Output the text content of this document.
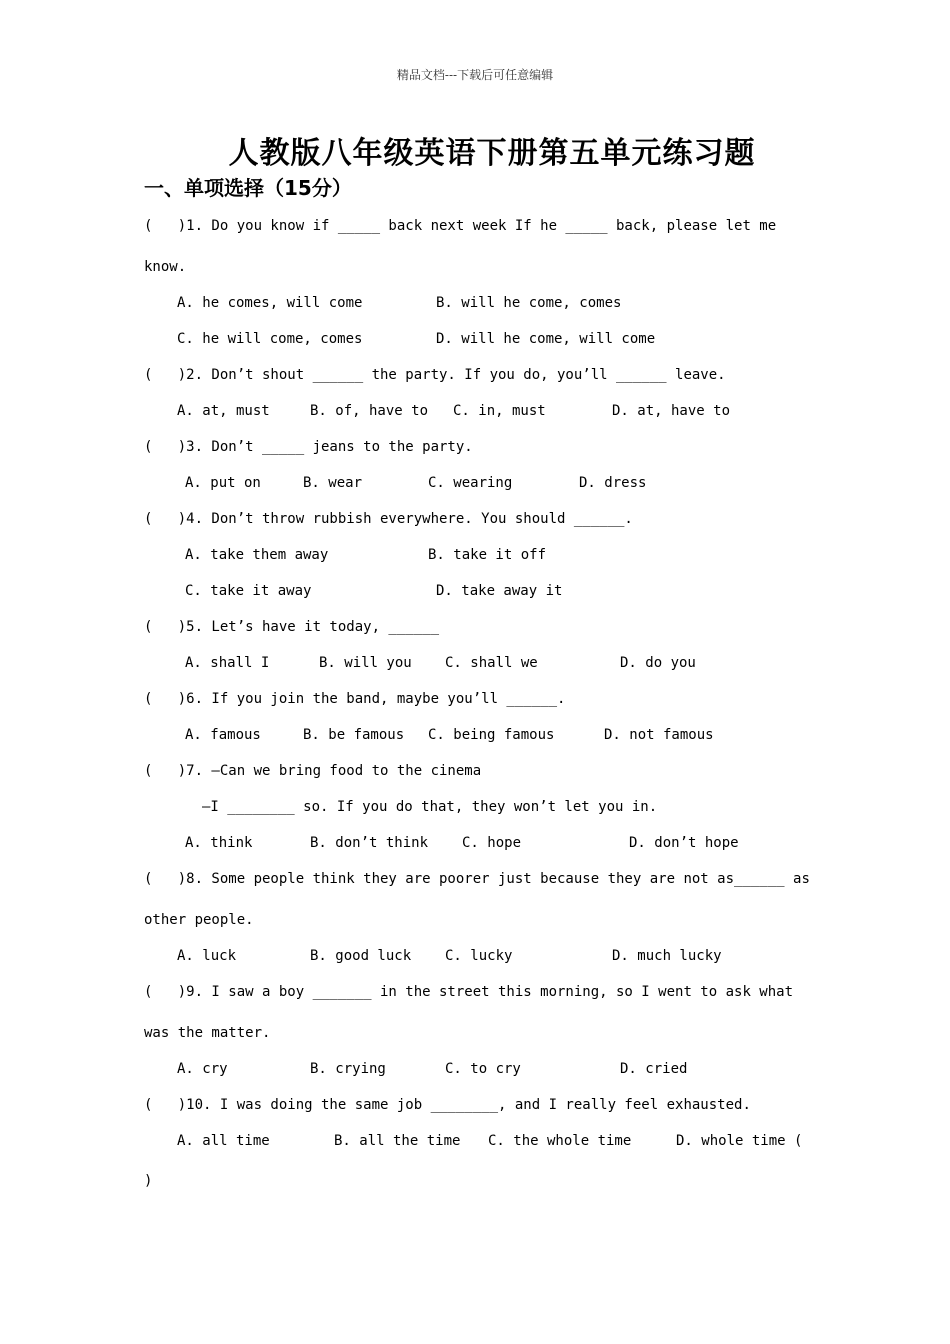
精品文档---下载后可任意编辑
人教版八年级英语下册第五单元练习题
一、单项选择（15分）
(   )1. Do you know if _____ back next week If he _____ back, please let me
know.
A. he comes, will come	B. will he come, comes
C. he will come, comes	D. will he come, will come
(   )2. Don’t shout ______ the party. If you do, you’ll ______ leave.
A. at, must	B. of, have to C. in, must	D. at, have to
(   )3. Don’t _____ jeans to the party.
A. put on	B. wear	C. wearing	D. dress
(   )4. Don’t throw rubbish everywhere. You should ______.
A. take them away	B. take it off
C. take it away	D. take away it
(   )5. Let’s have it today, ______
A. shall I	B. will you C. shall we	D. do you
(   )6. If you join the band, maybe you’ll ______.
A. famous	B. be famous C. being famous	D. not famous
(   )7. —Can we bring food to the cinema
—I ________ so. If you do that, they won’t let you in.
A. think	B. don’t think C. hope	D. don’t hope
(   )8. Some people think they are poorer just because they are not as______ as
other people.
A. luck	B. good luck C. lucky	D. much lucky
(   )9. I saw a boy _______ in the street this morning, so I went to ask what
was the matter.
A. cry	B. crying	C. to cry	D. cried
(   )10. I was doing the same job ________, and I really feel exhausted.
A. all time	B. all the time C. the whole time	D. whole time (
)
